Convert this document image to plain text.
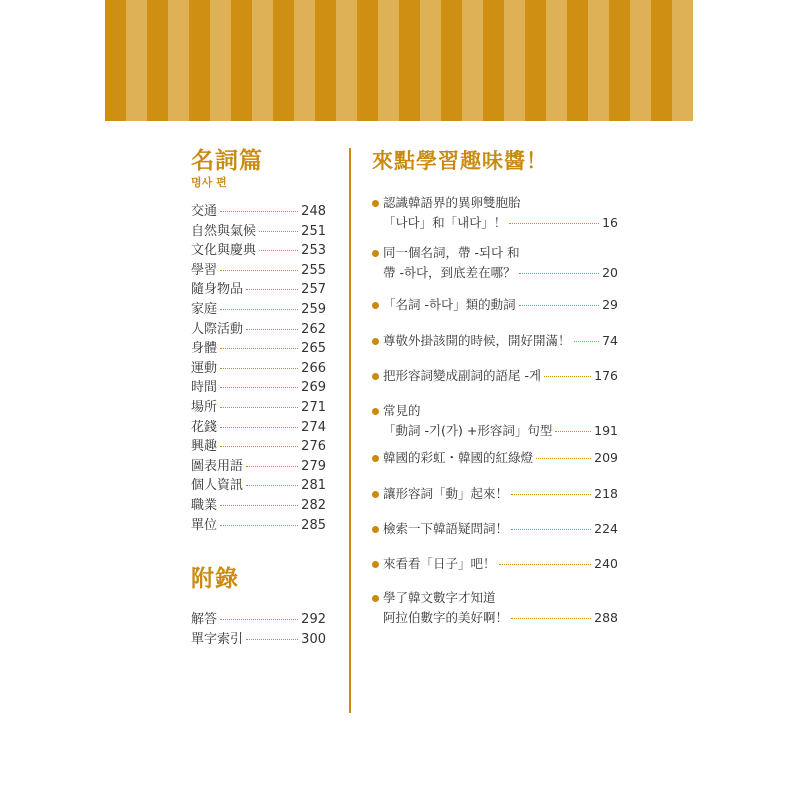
名詞篇
명사 편
交通	248
自然與氣候	251
文化與慶典	253
學習	255
隨身物品	257
家庭	259
人際活動	262
身體	265
運動	266
時間	269
場所	271
花錢	274
興趣	276
圖表用語	279
個人資訊	281
職業	282
單位	285
附錄
解答	292
單字索引	300
來點學習趣味醬！
認識韓語界的異卵雙胞胎
「나다」和「내다」！	16
同一個名詞，帶 -되다 和
帶 -하다，到底差在哪？	20
「名詞 -하다」類的動詞	29
尊敬外掛該開的時候，開好開滿！	74
把形容詞變成副詞的語尾 -게	176
常見的
「動詞 -기(가) +形容詞」句型	191
韓國的彩虹・韓國的紅綠燈	209
讓形容詞「動」起來！	218
檢索一下韓語疑問詞！	224
來看看「日子」吧！	240
學了韓文數字才知道
阿拉伯數字的美好啊！	288
